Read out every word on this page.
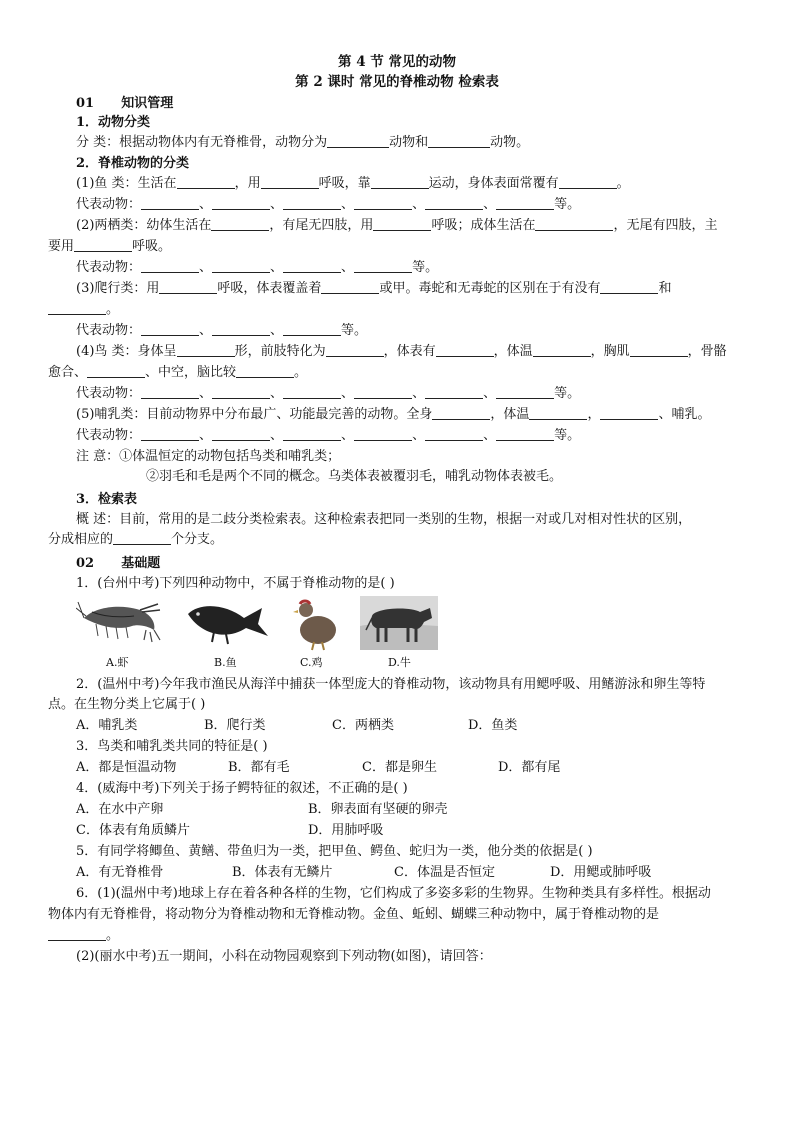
第 4 节 常见的动物
第 2 课时 常见的脊椎动物 检索表
01 知识管理
1．动物分类
分 类：根据动物体内有无脊椎骨，动物分为	动物和	动物。
2．脊椎动物的分类
(1)鱼 类：生活在	，用	呼吸，靠	运动，身体表面常覆有	。
代表动物：	、	、	、	、	、	等。
(2)两栖类：幼体生活在	，有尾无四肢，用	呼吸；成体生活在	，无尾有四肢，主
要用	呼吸。
代表动物：	、	、	、	等。
(3)爬行类：用	呼吸，体表覆盖着	或甲。毒蛇和无毒蛇的区别在于有没有	和
。
代表动物：	、	、	等。
(4)鸟 类：身体呈	形，前肢特化为	，体表有	，体温	，胸肌	，骨骼
愈合、	、中空，脑比较	。
代表动物：	、	、	、	、	、	等。
(5)哺乳类：目前动物界中分布最广、功能最完善的动物。全身	，体温	，	、哺乳。
代表动物：	、	、	、	、	、	等。
注 意：①体温恒定的动物包括鸟类和哺乳类；
②羽毛和毛是两个不同的概念。乌类体表被覆羽毛，哺乳动物体表被毛。
3．检索表
概 述：目前，常用的是二歧分类检索表。这种检索表把同一类别的生物，根据一对或几对相对性状的区别，
分成相应的	个分支。
02 基础题
1．(台州中考)下列四种动物中，不属于脊椎动物的是( )
A.虾	B.鱼	C.鸡	D.牛
2．(温州中考)今年我市渔民从海洋中捕获一体型庞大的脊椎动物，该动物具有用鳃呼吸、用鳍游泳和卵生等特
点。在生物分类上它属于( )
A．哺乳类	B．爬行类	C．两栖类	D．鱼类
3．鸟类和哺乳类共同的特征是( )
A．都是恒温动物	B．都有毛	C．都是卵生	D．都有尾
4．(威海中考)下列关于扬子鳄特征的叙述，不正确的是( )
A．在水中产卵	B．卵表面有坚硬的卵壳
C．体表有角质鳞片	D．用肺呼吸
5．有同学将鲫鱼、黄鳝、带鱼归为一类，把甲鱼、鳄鱼、蛇归为一类，他分类的依据是( )
A．有无脊椎骨	B．体表有无鳞片	C．体温是否恒定	D．用鳃或肺呼吸
6．(1)(温州中考)地球上存在着各种各样的生物，它们构成了多姿多彩的生物界。生物种类具有多样性。根据动
物体内有无脊椎骨，将动物分为脊椎动物和无脊椎动物。金鱼、蚯蚓、蝴蝶三种动物中，属于脊椎动物的是
。
(2)(丽水中考)五一期间，小科在动物园观察到下列动物(如图)，请回答：
